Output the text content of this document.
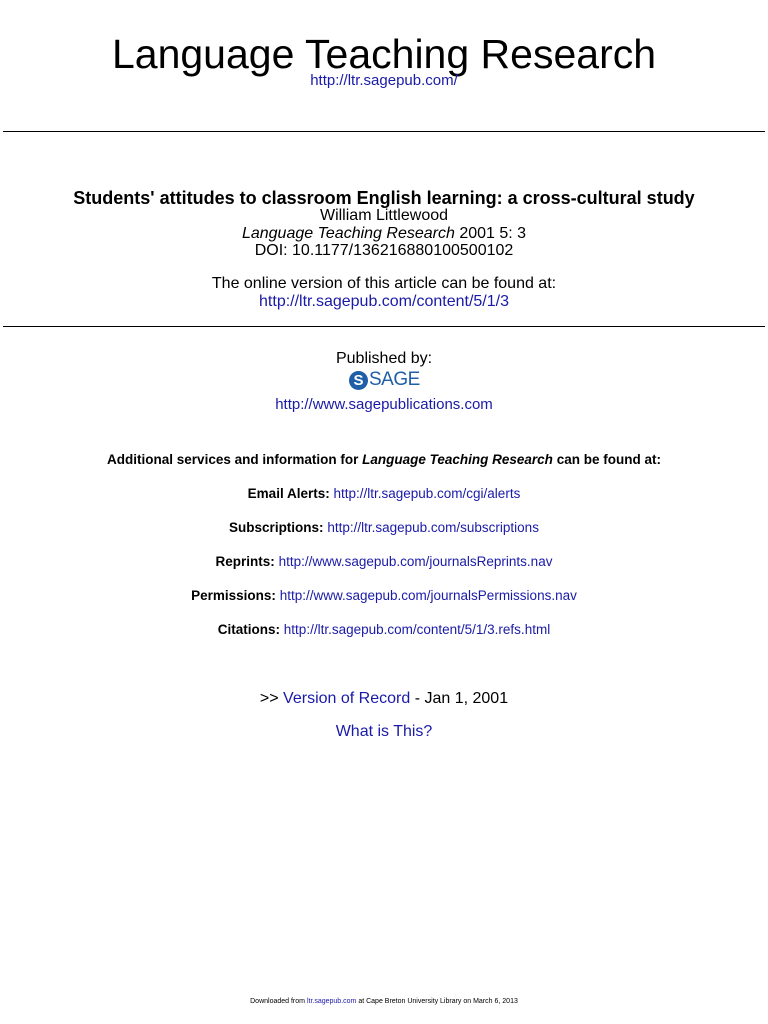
Language Teaching Research
http://ltr.sagepub.com/
Students' attitudes to classroom English learning: a cross-cultural study
William Littlewood
Language Teaching Research 2001 5: 3
DOI: 10.1177/136216880100500102
The online version of this article can be found at:
http://ltr.sagepub.com/content/5/1/3
Published by:
S SAGE
http://www.sagepublications.com
Additional services and information for Language Teaching Research can be found at:
Email Alerts: http://ltr.sagepub.com/cgi/alerts
Subscriptions: http://ltr.sagepub.com/subscriptions
Reprints: http://www.sagepub.com/journalsReprints.nav
Permissions: http://www.sagepub.com/journalsPermissions.nav
Citations: http://ltr.sagepub.com/content/5/1/3.refs.html
>> Version of Record - Jan 1, 2001
What is This?
Downloaded from ltr.sagepub.com at Cape Breton University Library on March 6, 2013
